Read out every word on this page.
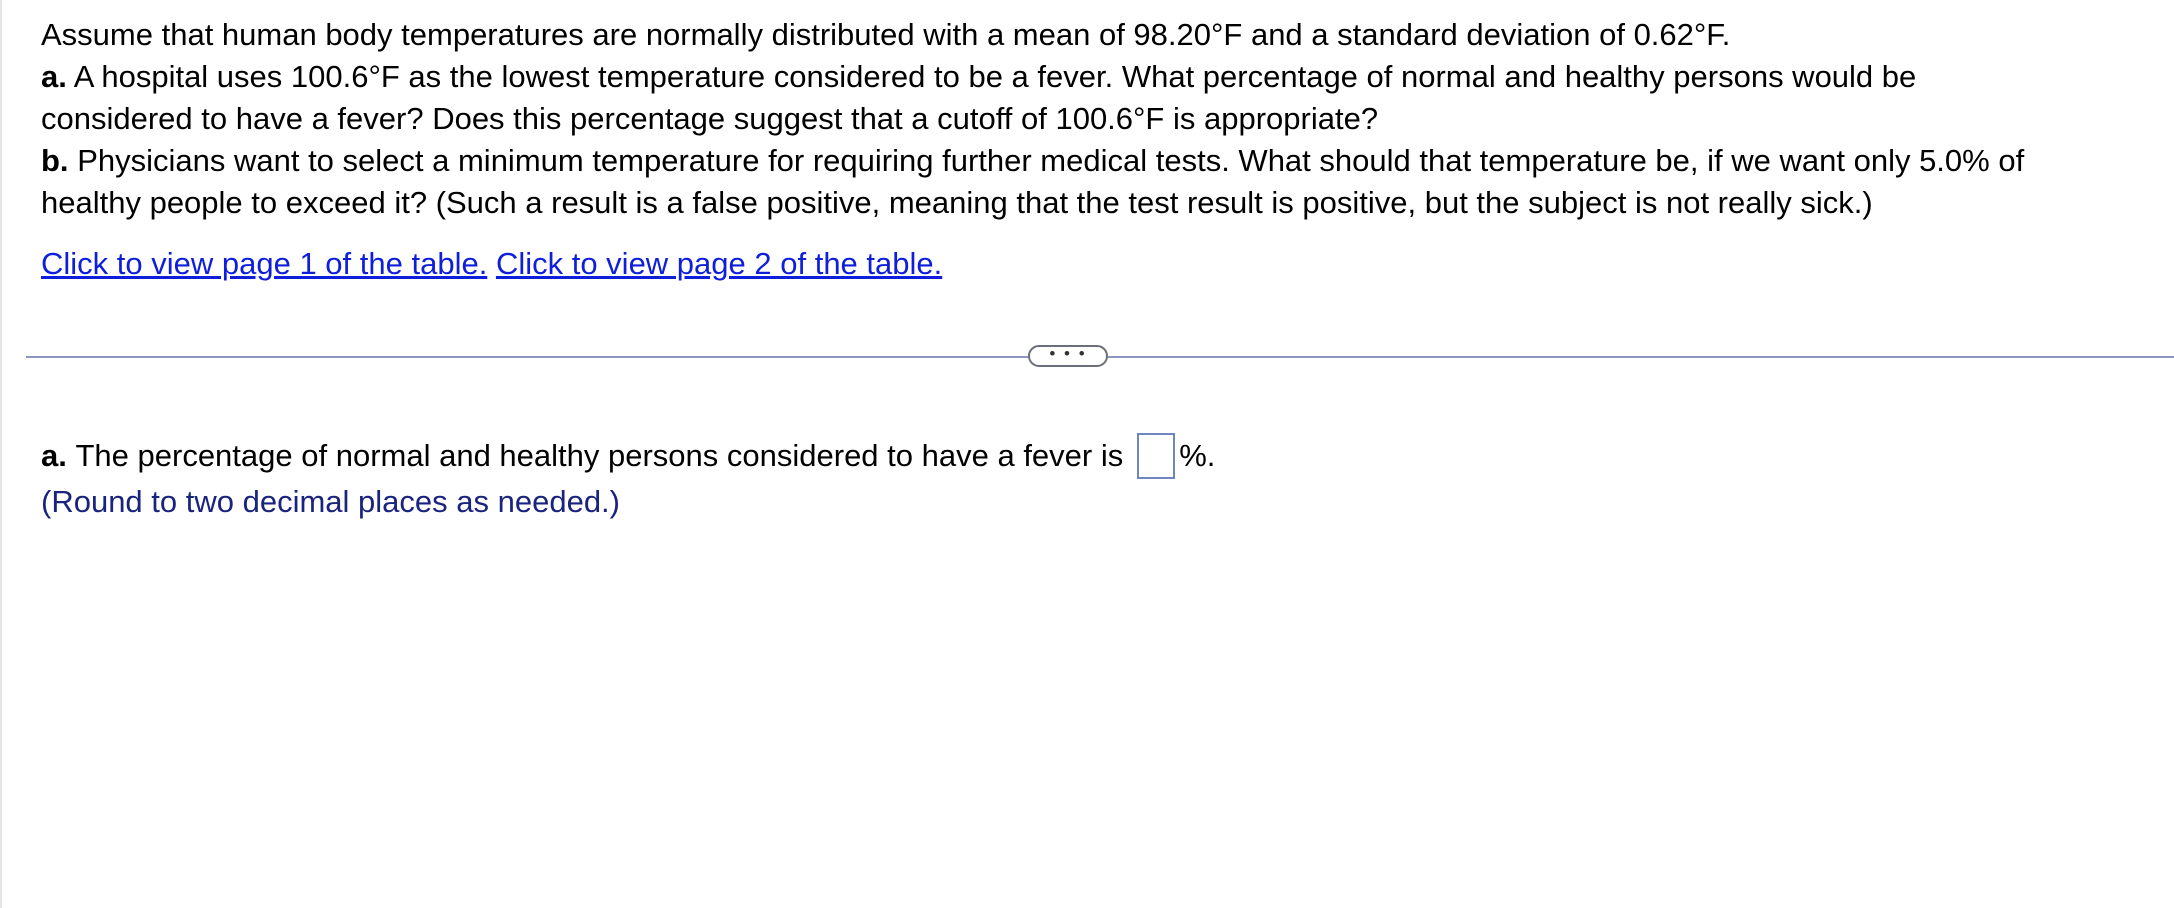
Assume that human body temperatures are normally distributed with a mean of 98.20°F and a standard deviation of 0.62°F.

a. A hospital uses 100.6°F as the lowest temperature considered to be a fever. What percentage of normal and healthy persons would be

considered to have a fever? Does this percentage suggest that a cutoff of 100.6°F is appropriate?

b. Physicians want to select a minimum temperature for requiring further medical tests. What should that temperature be, if we want only 5.0% of

healthy people to exceed it? (Such a result is a false positive, meaning that the test result is positive, but the subject is not really sick.)

Click to view page 1 of the table. Click to view page 2 of the table.
• • •
a.
The percentage of normal and healthy persons considered to have a fever is %.
(Round to two decimal places as needed.)
